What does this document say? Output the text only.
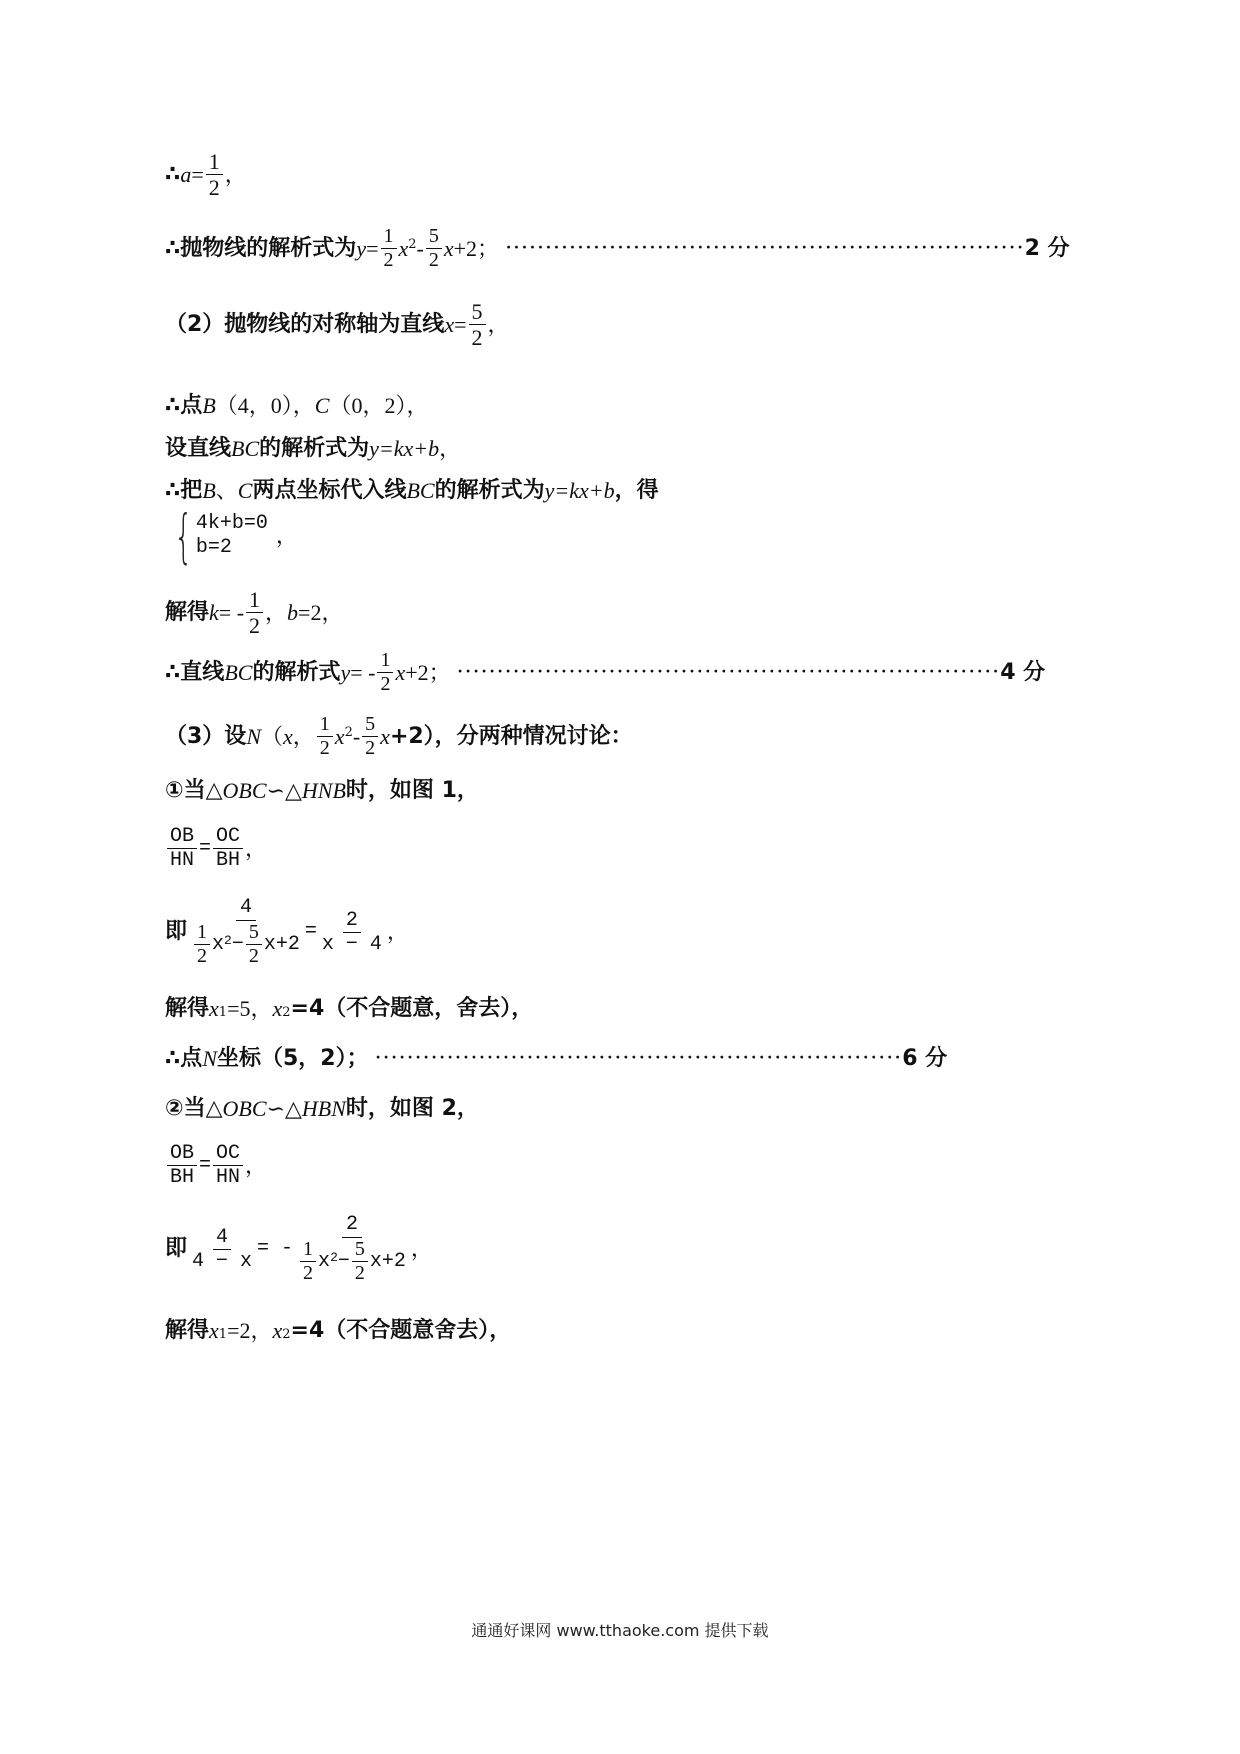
∴ $a = \frac{1}{2}$ ，
∴抛物线的解析式为 $y = \frac{1}{2}$ x $2 - \frac{5}{2}$ x +2； ································································· 2 分
（2）抛物线的对称轴为直线 $x = \frac{5}{2}$ ，
∴点 B （4，0）， C （0，2），
设直线 BC 的解析式为 y=kx+b ，
∴把 B 、 C 两点坐标代入线 BC 的解析式为 y=kx+b ，得
{ 4k+b=0
b=2	，
解得 k = - $\frac{1}{2}$ ， b =2，
∴直线 BC 的解析式 y = - $\frac{1}{2}$ x +2； ···································································· 4 分
（3）设 N （ x ， $\frac{1}{2}$ x $2 - \frac{5}{2}$ x +2），分两种情况讨论：
①当△ OBC ∽△ HNB 时，如图 1，
$\frac{OB}{HN} = \frac{OC}{BH}$ ，
即 $\frac{4}{\frac{1}{2} x 2 - \frac{5}{2} x+2} = \frac{2}{x - 4}$ ，
解得 x 1 =5， x 2 =4（不合题意，舍去），
∴点 N 坐标（5，2）； ·································································· 6 分
②当△ OBC ∽△ HBN 时，如图 2，
$\frac{OB}{BH} = \frac{OC}{HN}$ ，
即 $\frac{4}{4 - x}$ = - $\frac{2}{\frac{1}{2} x 2 - \frac{5}{2} x+2}$ ，
解得 x 1 =2， x 2 =4（不合题意舍去），
通通好课网 www.tthaoke.com 提供下载
